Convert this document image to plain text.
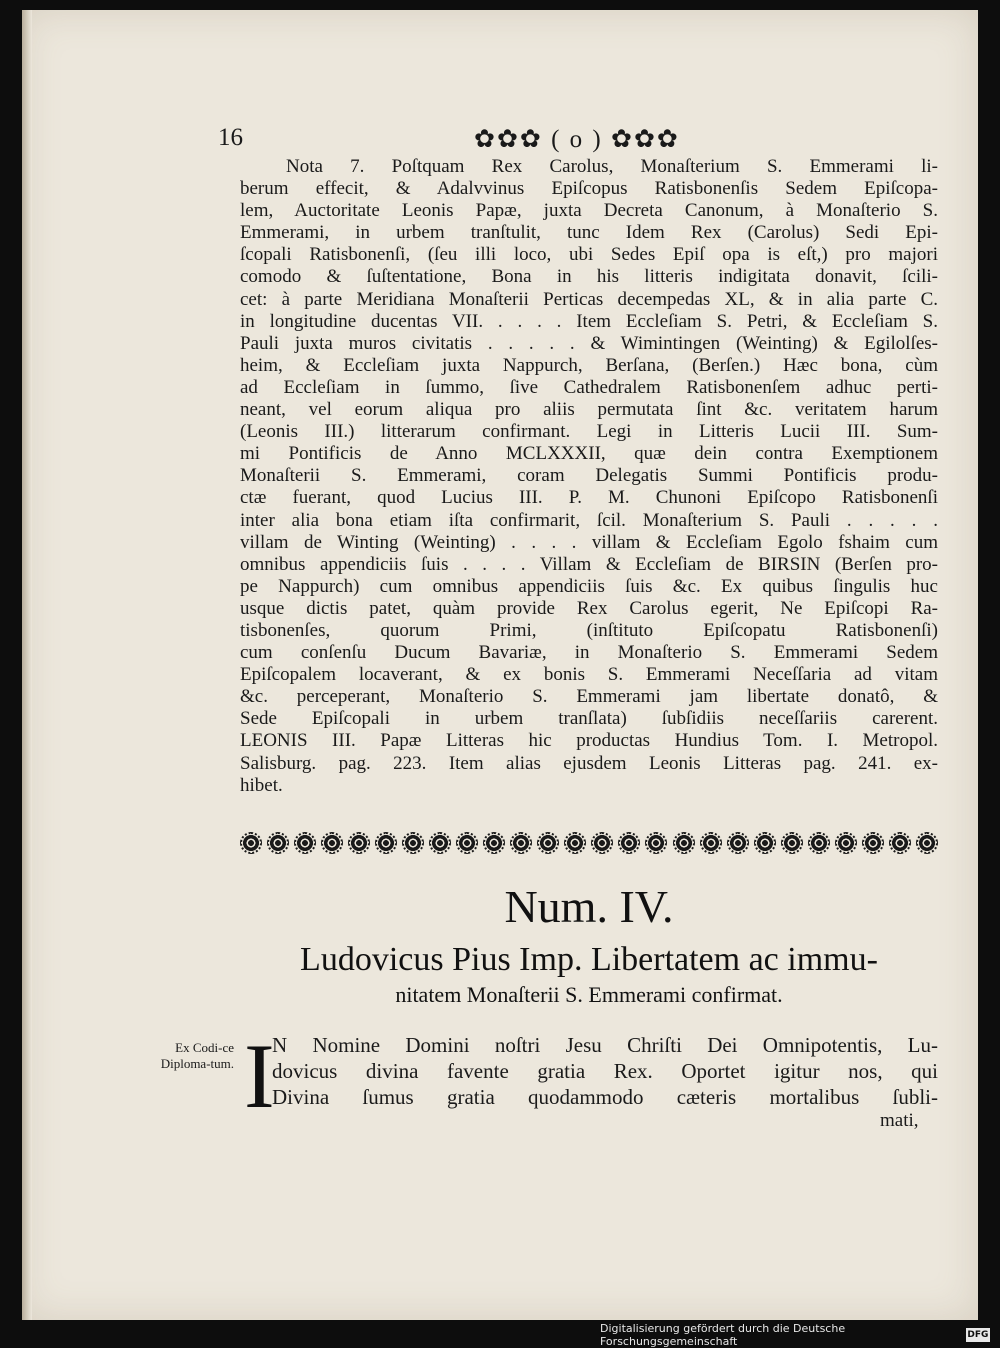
16	✿✿✿ ( o ) ✿✿✿
Nota 7. Poſtquam Rex Carolus, Monaſterium S. Emmerami li-
berum effecit, & Adalvvinus Epiſcopus Ratisbonenſis Sedem Epiſcopa-
lem, Auctoritate Leonis Papæ, juxta Decreta Canonum, à Monaſterio S.
Emmerami, in urbem tranſtulit, tunc Idem Rex (Carolus) Sedi Epi-
ſcopali Ratisbonenſi, (ſeu illi loco, ubi Sedes Epiſ opa is eſt,) pro majori
comodo & ſuſtentatione, Bona in his litteris indigitata donavit, ſcili-
cet: à parte Meridiana Monaſterii Perticas decempedas XL, & in alia parte C.
in longitudine ducentas VII. . . . . Item Eccleſiam S. Petri, & Eccleſiam S.
Pauli juxta muros civitatis . . . . . & Wimintingen (Weinting) & Egilolſes-
heim, & Eccleſiam juxta Nappurch, Berſana, (Berſen.) Hæc bona, cùm
ad Eccleſiam in ſummo, ſive Cathedralem Ratisbonenſem adhuc perti-
neant, vel eorum aliqua pro aliis permutata ſint &c. veritatem harum
(Leonis III.) litterarum confirmant. Legi in Litteris Lucii III. Sum-
mi Pontificis de Anno MCLXXXII, quæ dein contra Exemptionem
Monaſterii S. Emmerami, coram Delegatis Summi Pontificis produ-
ctæ fuerant, quod Lucius III. P. M. Chunoni Epiſcopo Ratisbonenſi
inter alia bona etiam iſta confirmarit, ſcil. Monaſterium S. Pauli . . . . .
villam de Winting (Weinting) . . . . villam & Eccleſiam Egolo fshaim cum
omnibus appendiciis ſuis . . . . Villam & Eccleſiam de BIRSIN (Berſen pro-
pe Nappurch) cum omnibus appendiciis ſuis &c. Ex quibus ſingulis huc
usque dictis patet, quàm provide Rex Carolus egerit, Ne Epiſcopi Ra-
tisbonenſes, quorum Primi, (inſtituto Epiſcopatu Ratisbonenſi)
cum conſenſu Ducum Bavariæ, in Monaſterio S. Emmerami Sedem
Epiſcopalem locaverant, & ex bonis S. Emmerami Neceſſaria ad vitam
&c. perceperant, Monaſterio S. Emmerami jam libertate donatô, &
Sede Epiſcopali in urbem tranſlata) ſubſidiis neceſſariis carerent.
LEONIS III. Papæ Litteras hic productas Hundius Tom. I. Metropol.
Salisburg. pag. 223. Item alias ejusdem Leonis Litteras pag. 241. ex-
hibet.
Num. IV.
Ludovicus Pius Imp. Libertatem ac immu-
nitatem Monaſterii S. Emmerami confirmat.
Ex Codi-ce Diploma-tum. I
N Nomine Domini noſtri Jesu Chriſti Dei Omnipotentis, Lu-
dovicus divina favente gratia Rex. Oportet igitur nos, qui
Divina ſumus gratia quodammodo cæteris mortalibus ſubli-
mati,
Digitalisierung gefördert durch die Deutsche Forschungsgemeinschaft	DFG
